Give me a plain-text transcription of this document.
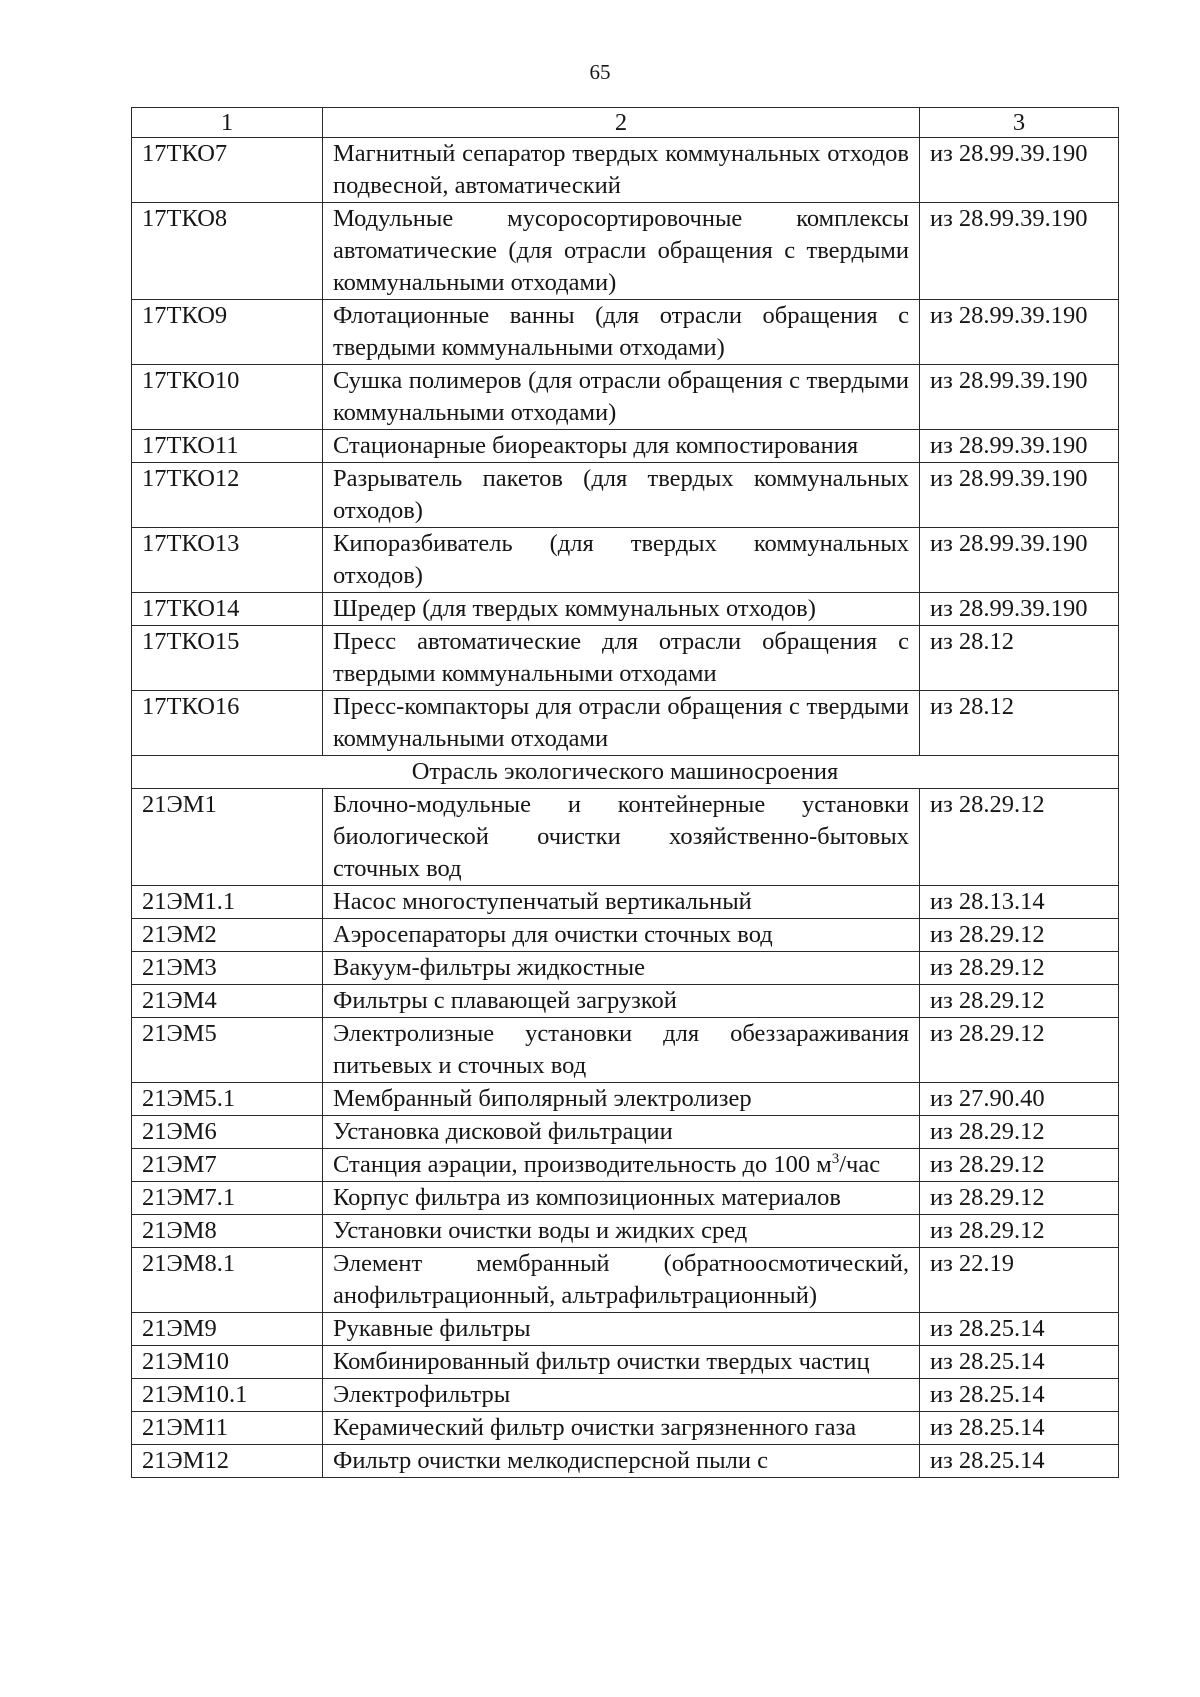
65
1	2	3
17ТКО7	Магнитный сепаратор твердых коммунальных отходов подвесной, автоматический	из 28.99.39.190
17ТКО8	Модульные мусоросортировочные комплексы автоматические (для отрасли обращения с твердыми коммунальными отходами)	из 28.99.39.190
17ТКО9	Флотационные ванны (для отрасли обращения с твердыми коммунальными отходами)	из 28.99.39.190
17ТКО10	Сушка полимеров (для отрасли обращения с твердыми коммунальными отходами)	из 28.99.39.190
17ТКО11	Стационарные биореакторы для компостирования	из 28.99.39.190
17ТКО12	Разрыватель пакетов (для твердых коммунальных отходов)	из 28.99.39.190
17ТКО13	Кипоразбиватель (для твердых коммунальных отходов)	из 28.99.39.190
17ТКО14	Шредер (для твердых коммунальных отходов)	из 28.99.39.190
17ТКО15	Пресс автоматические для отрасли обращения с твердыми коммунальными отходами	из 28.12
17ТКО16	Пресс-компакторы для отрасли обращения с твердыми коммунальными отходами	из 28.12
Отрасль экологического машиносроения		
21ЭМ1	Блочно-модульные и контейнерные установки биологической очистки хозяйственно-бытовых сточных вод	из 28.29.12
21ЭМ1.1	Насос многоступенчатый вертикальный	из 28.13.14
21ЭМ2	Аэросепараторы для очистки сточных вод	из 28.29.12
21ЭМ3	Вакуум-фильтры жидкостные	из 28.29.12
21ЭМ4	Фильтры с плавающей загрузкой	из 28.29.12
21ЭМ5	Электролизные установки для обеззараживания питьевых и сточных вод	из 28.29.12
21ЭМ5.1	Мембранный биполярный электролизер	из 27.90.40
21ЭМ6	Установка дисковой фильтрации	из 28.29.12
21ЭМ7	Станция аэрации, производительность до 100 $м^3$/час	из 28.29.12
21ЭМ7.1	Корпус фильтра из композиционных материалов	из 28.29.12
21ЭМ8	Установки очистки воды и жидких сред	из 28.29.12
21ЭМ8.1	Элемент мембранный (обратноосмотический, анофильтрационный, альтрафильтрационный)	из 22.19
21ЭМ9	Рукавные фильтры	из 28.25.14
21ЭМ10	Комбинированный фильтр очистки твердых частиц	из 28.25.14
21ЭМ10.1	Электрофильтры	из 28.25.14
21ЭМ11	Керамический фильтр очистки загрязненного газа	из 28.25.14
21ЭМ12	Фильтр очистки мелкодисперсной пыли с	из 28.25.14
